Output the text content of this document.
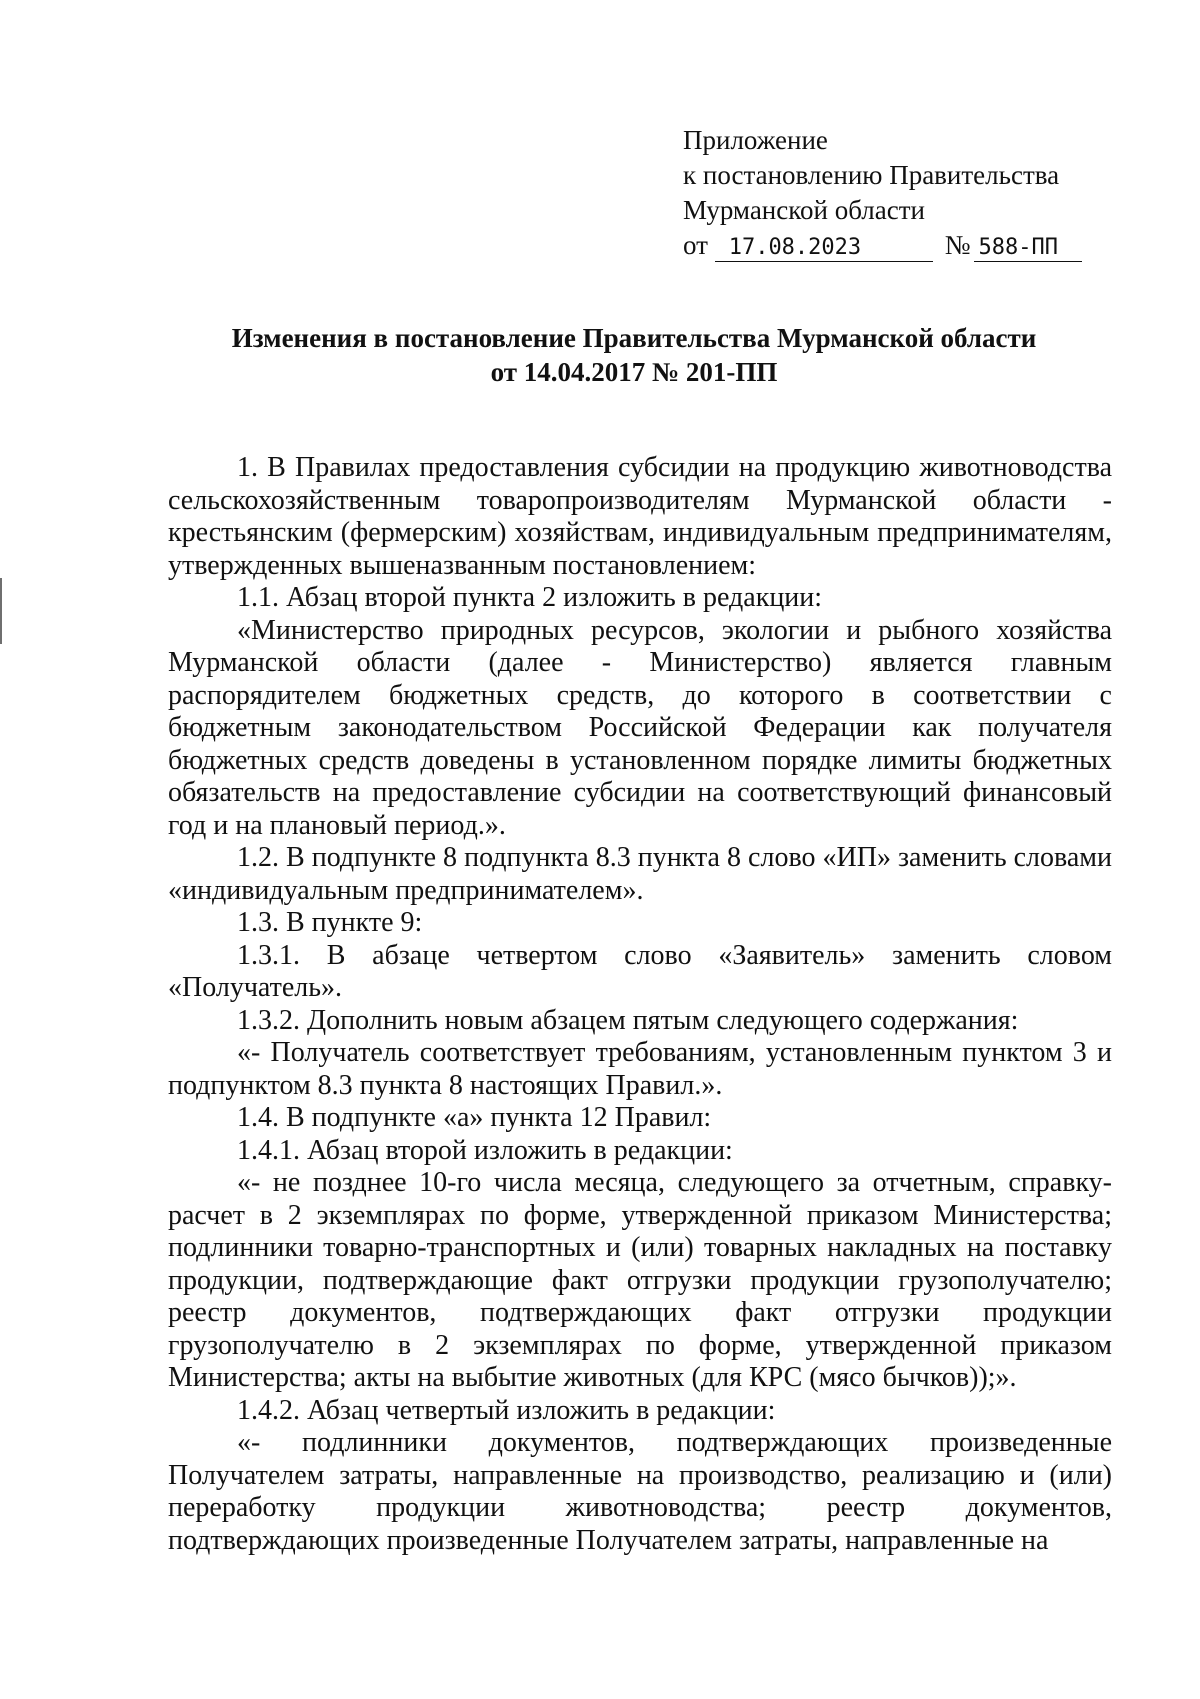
Приложение
к постановлению Правительства
Мурманской области
от 17.08.2023	№ 588-ПП
Изменения в постановление Правительства Мурманской области
от 14.04.2017 № 201-ПП

1. В Правилах предоставления субсидии на продукцию животноводства сельскохозяйственным товаропроизводителям Мурманской области - крестьянским (фермерским) хозяйствам, индивидуальным предпринимателям, утвержденных вышеназванным постановлением:

1.1. Абзац второй пункта 2 изложить в редакции:

«Министерство природных ресурсов, экологии и рыбного хозяйства Мурманской области (далее - Министерство) является главным распорядителем бюджетных средств, до которого в соответствии с бюджетным законодательством Российской Федерации как получателя бюджетных средств доведены в установленном порядке лимиты бюджетных обязательств на предоставление субсидии на соответствующий финансовый год и на плановый период.».

1.2. В подпункте 8 подпункта 8.3 пункта 8 слово «ИП» заменить словами «индивидуальным предпринимателем».

1.3. В пункте 9:

1.3.1. В абзаце четвертом слово «Заявитель» заменить словом «Получатель».

1.3.2. Дополнить новым абзацем пятым следующего содержания:

«- Получатель соответствует требованиям, установленным пунктом 3 и подпунктом 8.3 пункта 8 настоящих Правил.».

1.4. В подпункте «а» пункта 12 Правил:

1.4.1. Абзац второй изложить в редакции:

«- не позднее 10-го числа месяца, следующего за отчетным, справку-расчет в 2 экземплярах по форме, утвержденной приказом Министерства; подлинники товарно-транспортных и (или) товарных накладных на поставку продукции, подтверждающие факт отгрузки продукции грузополучателю; реестр документов, подтверждающих факт отгрузки продукции грузополучателю в 2 экземплярах по форме, утвержденной приказом Министерства; акты на выбытие животных (для КРС (мясо бычков));».

1.4.2. Абзац четвертый изложить в редакции:

«- подлинники документов, подтверждающих произведенные Получателем затраты, направленные на производство, реализацию и (или) переработку продукции животноводства; реестр документов, подтверждающих произведенные Получателем затраты, направленные на
